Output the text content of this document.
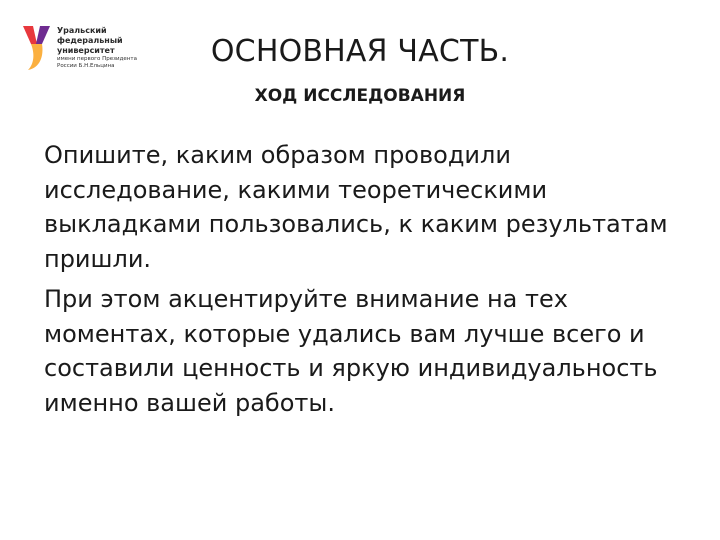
Уральский
федеральный
университет
имени первого Президента
России Б.Н.Ельцина	ОСНОВНАЯ ЧАСТЬ.
ХОД ИССЛЕДОВАНИЯ

Опишите, каким образом проводили исследование, какими теоретическими выкладками пользовались, к каким результатам пришли.

При этом акцентируйте внимание на тех моментах, которые удались вам лучше всего и составили ценность и яркую индивидуальность именно вашей работы.
